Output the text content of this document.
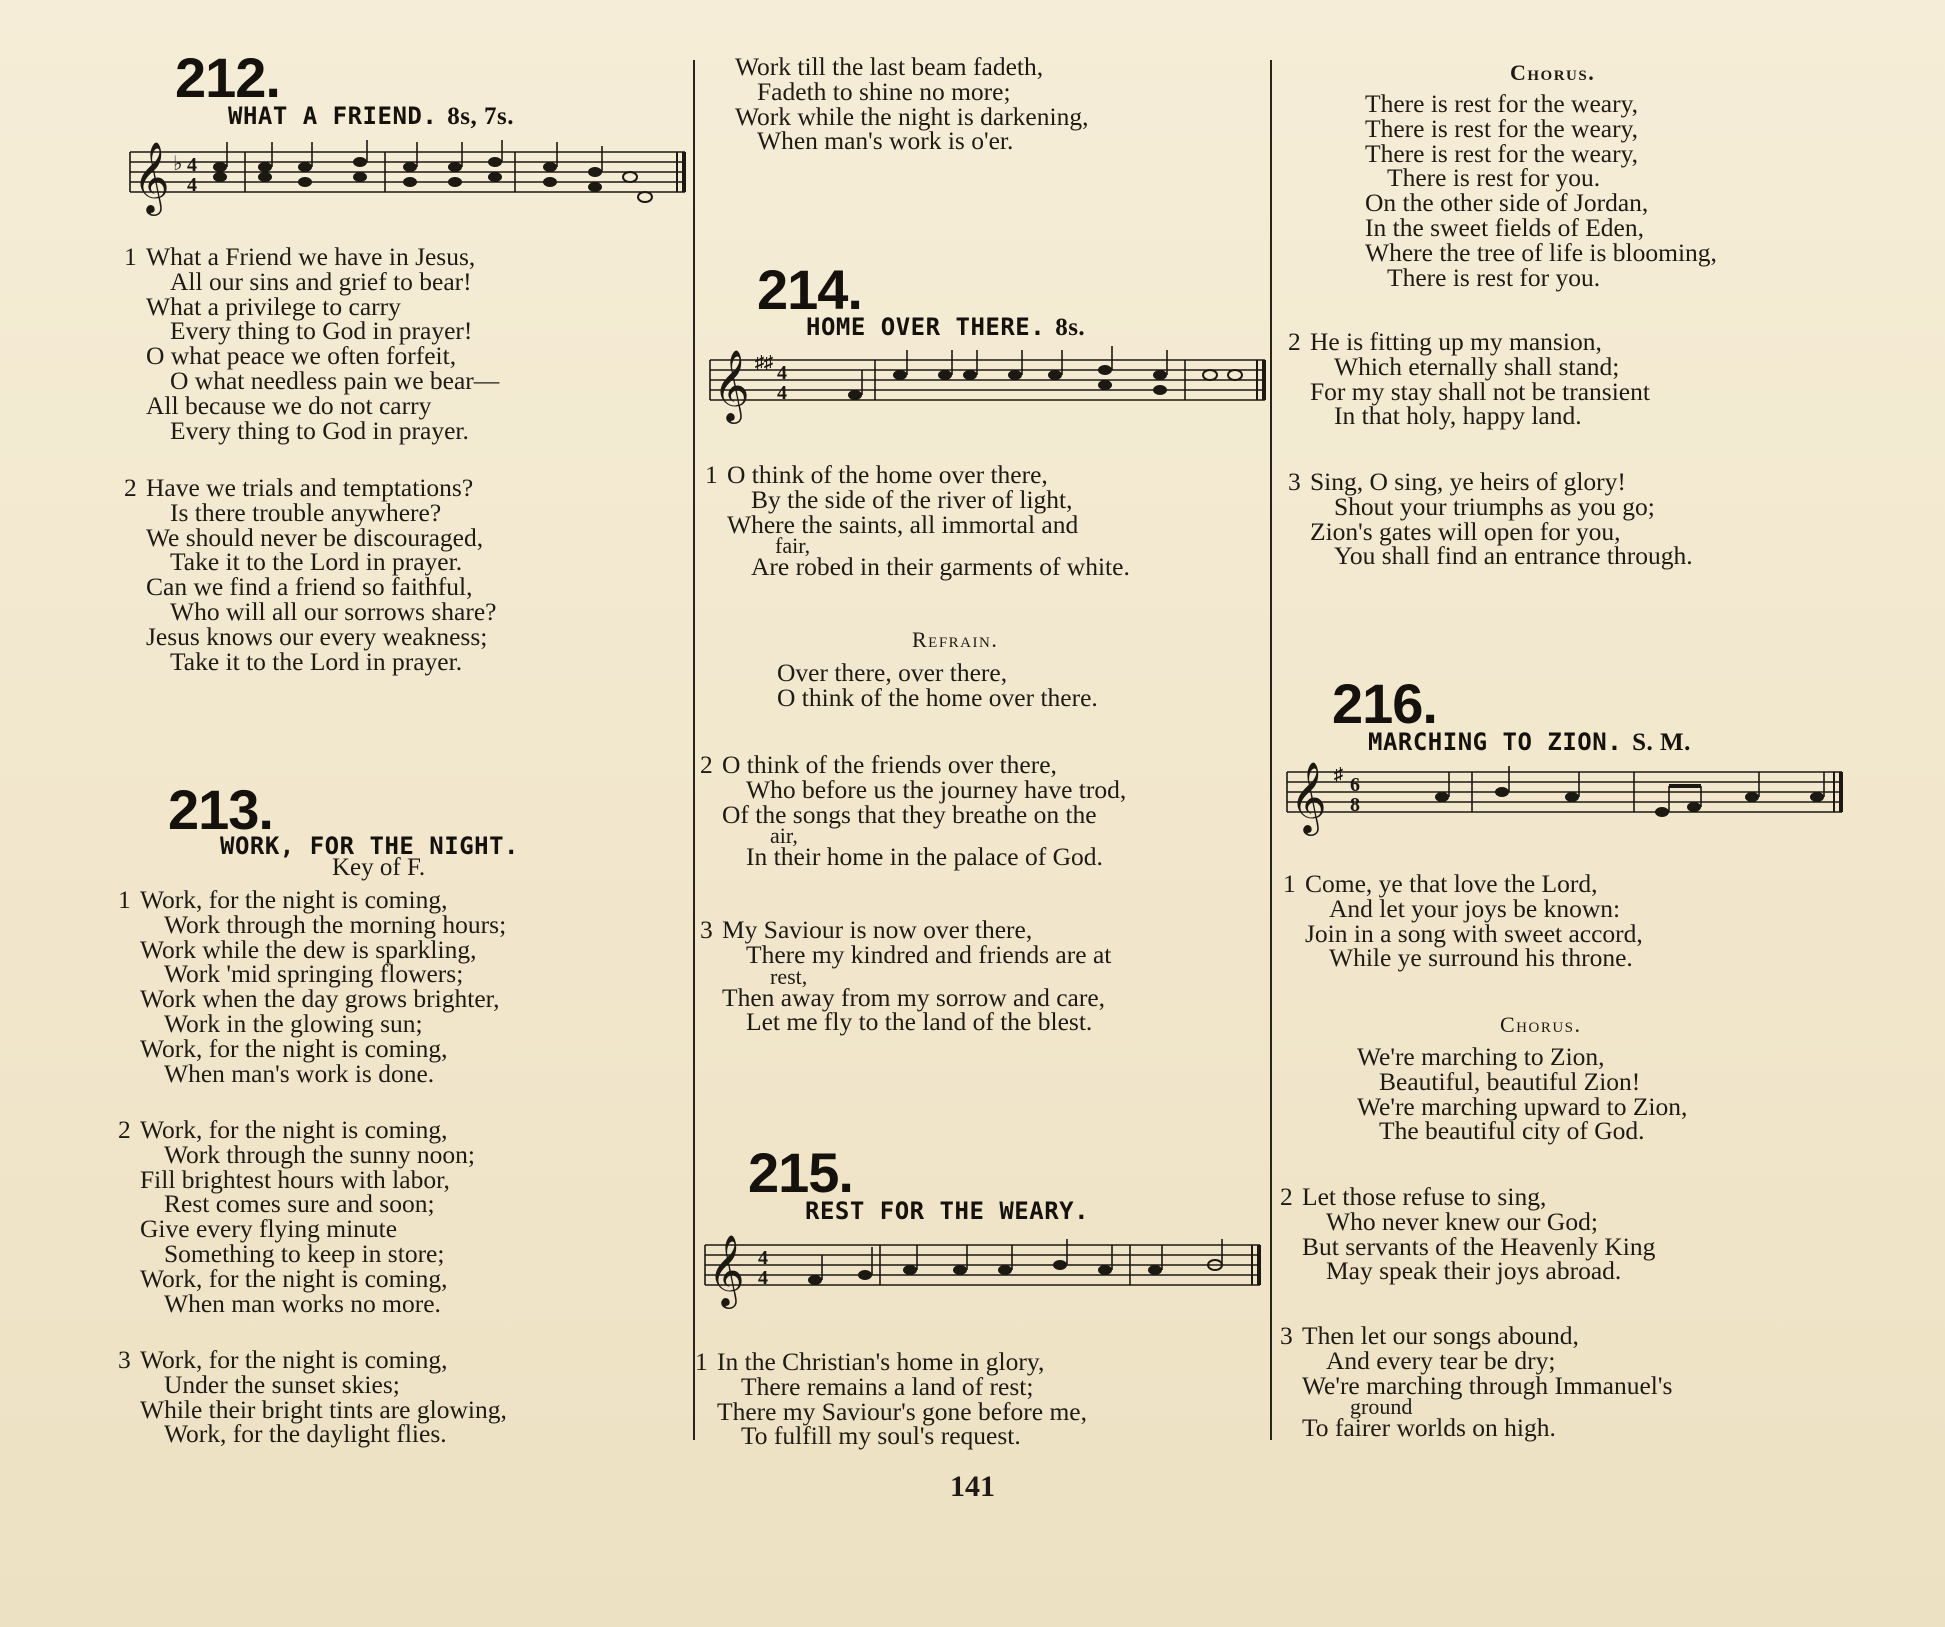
212.
WHAT A FRIEND. 8s, 7s.
𝄞 ♭ 4
4
1 What a Friend we have in Jesus,
All our sins and grief to bear!
What a privilege to carry
Every thing to God in prayer!
O what peace we often forfeit,
O what needless pain we bear—
All because we do not carry
Every thing to God in prayer.
2 Have we trials and temptations?
Is there trouble anywhere?
We should never be discouraged,
Take it to the Lord in prayer.
Can we find a friend so faithful,
Who will all our sorrows share?
Jesus knows our every weakness;
Take it to the Lord in prayer.
213.
WORK, FOR THE NIGHT.
Key of F.
1 Work, for the night is coming,
Work through the morning hours;
Work while the dew is sparkling,
Work 'mid springing flowers;
Work when the day grows brighter,
Work in the glowing sun;
Work, for the night is coming,
When man's work is done.
2 Work, for the night is coming,
Work through the sunny noon;
Fill brightest hours with labor,
Rest comes sure and soon;
Give every flying minute
Something to keep in store;
Work, for the night is coming,
When man works no more.
3 Work, for the night is coming,
Under the sunset skies;
While their bright tints are glowing,
Work, for the daylight flies.
Work till the last beam fadeth,
Fadeth to shine no more;
Work while the night is darkening,
When man's work is o'er.
214.
HOME OVER THERE. 8s.
𝄞 ♯♯ 4
4
1 O think of the home over there,
By the side of the river of light,
Where the saints, all immortal and
fair,
Are robed in their garments of white.
Refrain.
Over there, over there,
O think of the home over there.
2 O think of the friends over there,
Who before us the journey have trod,
Of the songs that they breathe on the
air,
In their home in the palace of God.
3 My Saviour is now over there,
There my kindred and friends are at
rest,
Then away from my sorrow and care,
Let me fly to the land of the blest.
215.
REST FOR THE WEARY.
𝄞 4
4
1 In the Christian's home in glory,
There remains a land of rest;
There my Saviour's gone before me,
To fulfill my soul's request.
141
Chorus.
There is rest for the weary,
There is rest for the weary,
There is rest for the weary,
There is rest for you.
On the other side of Jordan,
In the sweet fields of Eden,
Where the tree of life is blooming,
There is rest for you.
2 He is fitting up my mansion,
Which eternally shall stand;
For my stay shall not be transient
In that holy, happy land.
3 Sing, O sing, ye heirs of glory!
Shout your triumphs as you go;
Zion's gates will open for you,
You shall find an entrance through.
216.
MARCHING TO ZION. S. M.
𝄞 ♯ 6
8
1 Come, ye that love the Lord,
And let your joys be known:
Join in a song with sweet accord,
While ye surround his throne.
Chorus.
We're marching to Zion,
Beautiful, beautiful Zion!
We're marching upward to Zion,
The beautiful city of God.
2 Let those refuse to sing,
Who never knew our God;
But servants of the Heavenly King
May speak their joys abroad.
3 Then let our songs abound,
And every tear be dry;
We're marching through Immanuel's
ground
To fairer worlds on high.
